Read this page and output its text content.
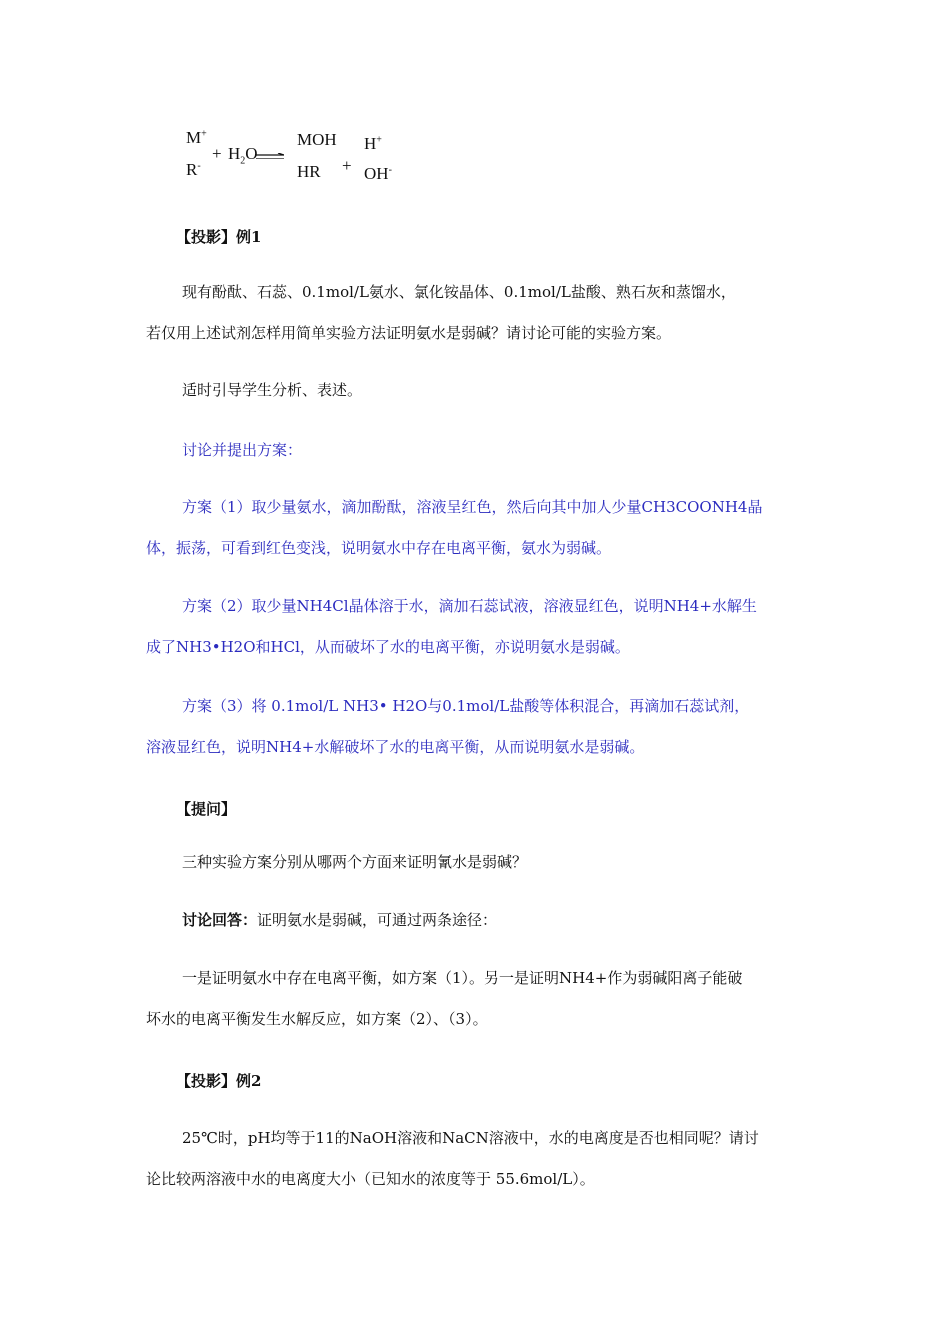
M+
R-
+ $H_2O$
MOH
HR +
H+
OH-
【投影】例1
现有酚酞、石蕊、0.1mol/L氨水、氯化铵晶体、0.1mol/L盐酸、熟石灰和蒸馏水，
若仅用上述试剂怎样用简单实验方法证明氨水是弱碱？请讨论可能的实验方案。
适时引导学生分析、表述。
讨论并提出方案：
方案（1）取少量氨水，滴加酚酞，溶液呈红色，然后向其中加人少量CH3COONH4晶
体，振荡，可看到红色变浅，说明氨水中存在电离平衡，氨水为弱碱。
方案（2）取少量NH4Cl晶体溶于水，滴加石蕊试液，溶液显红色，说明NH4+水解生
成了NH3•H2O和HCl，从而破坏了水的电离平衡，亦说明氨水是弱碱。
方案（3）将 0.1mol/L NH3• H2O与0.1mol/L盐酸等体积混合，再滴加石蕊试剂，
溶液显红色，说明NH4+水解破坏了水的电离平衡，从而说明氨水是弱碱。
【提问】
三种实验方案分别从哪两个方面来证明氰水是弱碱？
讨论回答：证明氨水是弱碱，可通过两条途径：
一是证明氨水中存在电离平衡，如方案（1）。另一是证明NH4+作为弱碱阳离子能破
坏水的电离平衡发生水解反应，如方案（2）、（3）。
【投影】例2
25℃时，pH均等于11的NaOH溶液和NaCN溶液中，水的电离度是否也相同呢？请讨
论比较两溶液中水的电离度大小（已知水的浓度等于 55.6mol/L）。
